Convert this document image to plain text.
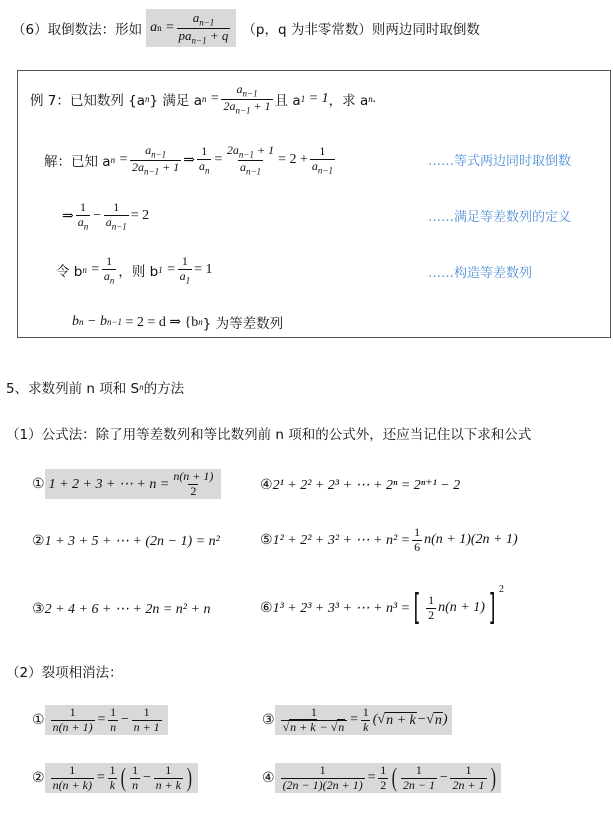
（6）取倒数法：形如 a $n = \frac{a_{n-1}}{pa_{n-1} + q} (p$，q 为非零常数）则两边同时取倒数
例 7：已知数列 {a n } 满足 a $n = \frac{a_{n-1}}{2a_{n-1} + 1}$ 且 a 1 = 1 ，求 a n .
解：已知 a $n = \frac{a_{n-1}}{2a_{n-1} + 1}$ ⇒ $\frac{1}{a_n} = \frac{2a_{n-1} + 1}{a_{n-1}} = 2 + \frac{1}{a_{n-1}}$	……等式两边同时取倒数
⇒ $\frac{1}{a_n} - \frac{1}{a_{n-1}} = 2$	……满足等差数列的定义
令 b $n = \frac{1}{a_n}$ ，则 b $1 = \frac{1}{a_1} = 1$	……构造等差数列
b n − b n−1
= 2 = d ⇒ {b n } 为等差数列
5、求数列前 n 项和 S n 的方法
（1）公式法：除了用等差数列和等比数列前 n 项和的公式外，还应当记住以下求和公式
① 1 + 2 + 3 + ⋯ + $n = \frac{n(n + 1)}{2}$	④ 2¹ + 2² + 2³ + ⋯ + 2ⁿ = 2ⁿ⁺¹ − 2
② 1 + 3 + 5 + ⋯ + (2n − 1) = n²	⑤ 1² + 2² + 3² + ⋯ + $n^2 = \frac{1}{6} n(n + 1)(2n + 1)$
③ 2 + 4 + 6 + ⋯ + 2n = n² + n	⑥ 1³ + 2³ + 3³ + ⋯ + n³ = [ $\frac{1}{2} n(n + 1)$ ] $^2$
（2）裂项相消法：
① $\frac{1}{n(n + 1)} = \frac{1}{n} - \frac{1}{n + 1}$	③ $\frac{1}{√n + k - √n} = \frac{1}{k}$ ( √ n + k − √ n )
② $\frac{1}{n(n + k)} = \frac{1}{k}$ ( $\frac{1}{n} - \frac{1}{n + k}$ )	④ $\frac{1}{(2n - 1)(2n + 1)} = \frac{1}{2}$ ( $\frac{1}{2n - 1} - \frac{1}{2n + 1}$ )
